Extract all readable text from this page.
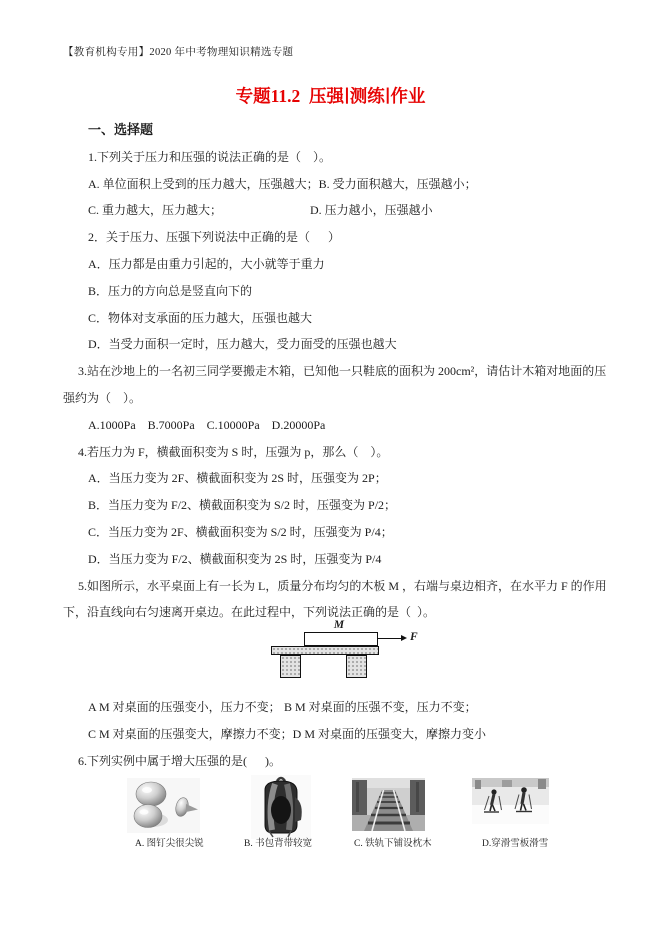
【教育机构专用】2020 年中考物理知识精选专题
专题11.2  压强∣测练∣作业
一、选择题
1.下列关于压力和压强的说法正确的是（    ）。
A. 单位面积上受到的压力越大，压强越大；B. 受力面积越大，压强越小；
C. 重力越大，压力越大；	D. 压力越小，压强越小
2．关于压力、压强下列说法中正确的是（      ）
A．压力都是由重力引起的，大小就等于重力
B．压力的方向总是竖直向下的
C．物体对支承面的压力越大，压强也越大
D．当受力面积一定时，压力越大，受力面受的压强也越大
3.站在沙地上的一名初三同学要搬走木箱，已知他一只鞋底的面积为 200cm²，请估计木箱对地面的压
强约为（    ）。
A.1000Pa    B.7000Pa    C.10000Pa    D.20000Pa
4.若压力为 F，横截面积变为 S 时，压强为 p，那么（    ）。
A．当压力变为 2F、横截面积变为 2S 时，压强变为 2P；
B．当压力变为 F/2、横截面积变为 S/2 时，压强变为 P/2；
C．当压力变为 2F、横截面积变为 S/2 时，压强变为 P/4；
D．当压力变为 F/2、横截面积变为 2S 时，压强变为 P/4
5.如图所示，水平桌面上有一长为 L，质量分布均匀的木板 M ，右端与桌边相齐，在水平力 F 的作用
下，沿直线向右匀速离开桌边。在此过程中，下列说法正确的是（  ）。
M
F
A M 对桌面的压强变小，压力不变； B M 对桌面的压强不变，压力不变；
C M 对桌面的压强变大，摩擦力不变；D M 对桌面的压强变大，摩擦力变小
6.下列实例中属于增大压强的是(      )。
A. 图钉尖很尖锐	B. 书包背带较宽	C. 铁轨下铺设枕木	D.穿滑雪板滑雪
